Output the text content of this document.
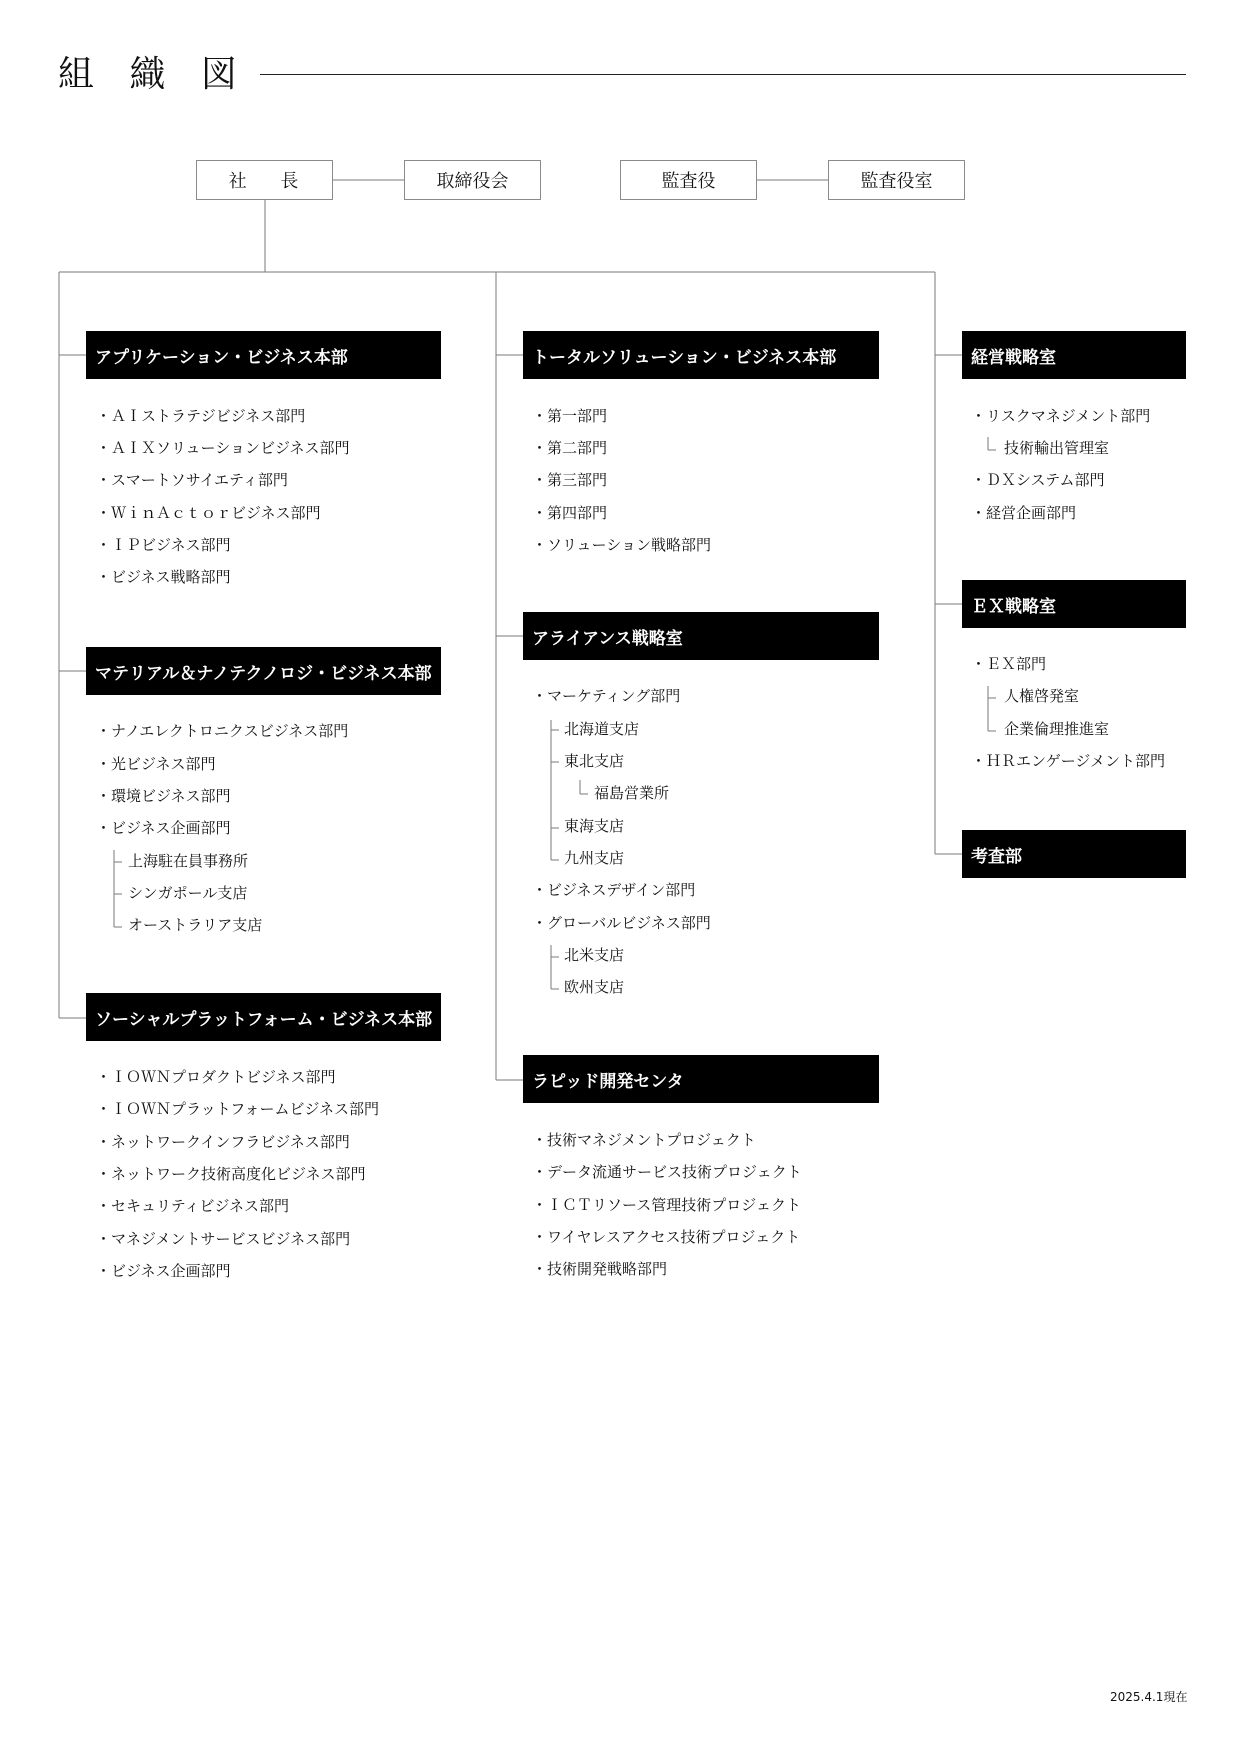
組 織 図
社 長	取締役会	監査役	監査役室
アプリケーション・ビジネス本部
・ＡＩストラテジビジネス部門
・ＡＩＸソリューションビジネス部門
・スマートソサイエティ部門
・ＷｉｎＡｃｔｏｒビジネス部門
・ＩＰビジネス部門
・ビジネス戦略部門
マテリアル＆ナノテクノロジ・ビジネス本部
・ナノエレクトロニクスビジネス部門
・光ビジネス部門
・環境ビジネス部門
・ビジネス企画部門
上海駐在員事務所
シンガポール支店
オーストラリア支店
ソーシャルプラットフォーム・ビジネス本部
・ＩＯＷＮプロダクトビジネス部門
・ＩＯＷＮプラットフォームビジネス部門
・ネットワークインフラビジネス部門
・ネットワーク技術高度化ビジネス部門
・セキュリティビジネス部門
・マネジメントサービスビジネス部門
・ビジネス企画部門
トータルソリューション・ビジネス本部
・第一部門
・第二部門
・第三部門
・第四部門
・ソリューション戦略部門
アライアンス戦略室
・マーケティング部門
北海道支店
東北支店
福島営業所
東海支店
九州支店
・ビジネスデザイン部門
・グローバルビジネス部門
北米支店
欧州支店
ラピッド開発センタ
・技術マネジメントプロジェクト
・データ流通サービス技術プロジェクト
・ＩＣＴリソース管理技術プロジェクト
・ワイヤレスアクセス技術プロジェクト
・技術開発戦略部門
経営戦略室
・リスクマネジメント部門
技術輸出管理室
・ＤＸシステム部門
・経営企画部門
ＥＸ戦略室
・ＥＸ部門
人権啓発室
企業倫理推進室
・ＨＲエンゲージメント部門
考査部
2025.4.1現在
